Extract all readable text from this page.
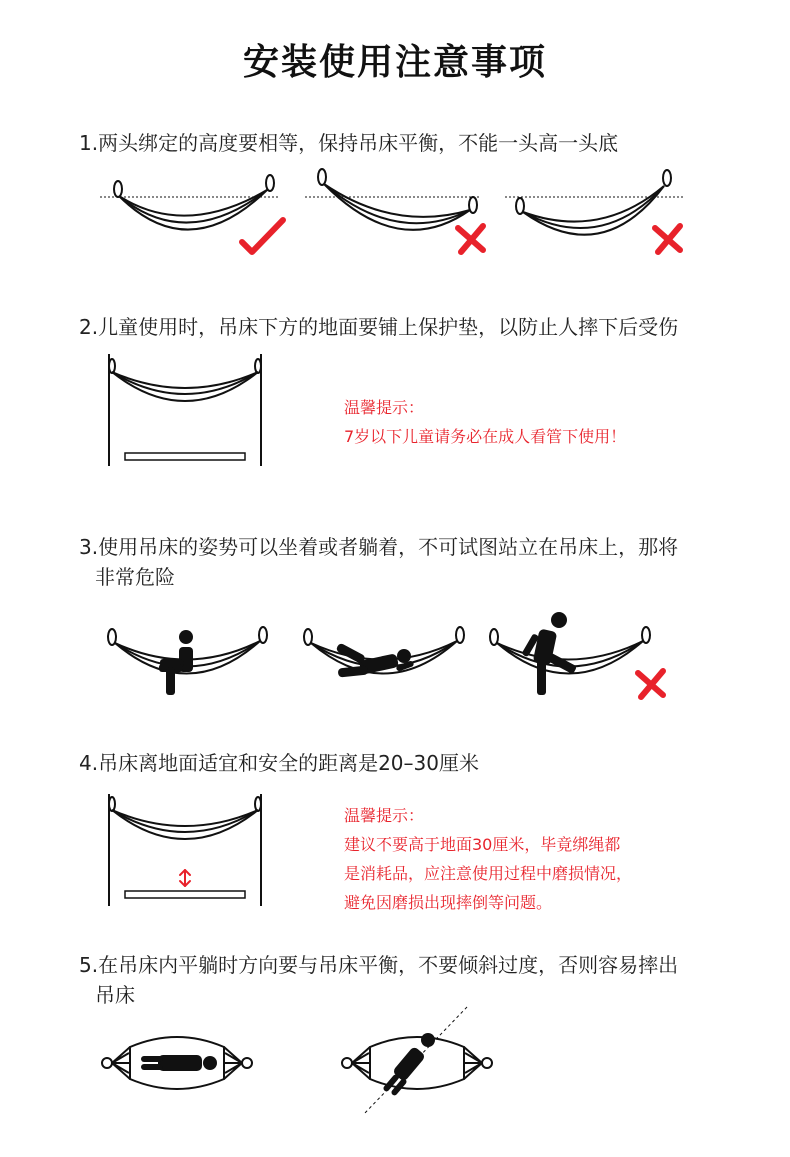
安装使用注意事项
1.两头绑定的高度要相等，保持吊床平衡，不能一头高一头底
2.儿童使用时，吊床下方的地面要铺上保护垫，以防止人摔下后受伤
温馨提示：
7岁以下儿童请务必在成人看管下使用！
3.使用吊床的姿势可以坐着或者躺着，不可试图站立在吊床上，那将
非常危险
4.吊床离地面适宜和安全的距离是20–30厘米
温馨提示：
建议不要高于地面30厘米，毕竟绑绳都
是消耗品，应注意使用过程中磨损情况，
避免因磨损出现摔倒等问题。
5.在吊床内平躺时方向要与吊床平衡，不要倾斜过度，否则容易摔出
吊床
